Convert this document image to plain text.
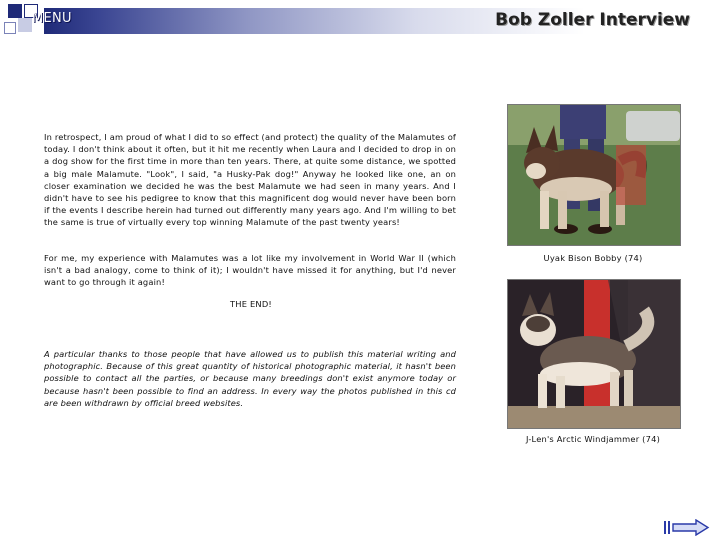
MENU	Bob Zoller Interview

In retrospect, I am proud of what I did to so effect (and protect) the quality of the Malamutes of today. I don't think about it often, but it hit me recently when Laura and I decided to drop in on a dog show for the first time in more than ten years. There, at quite some distance, we spotted a big male Malamute. "Look", I said, "a Husky-Pak dog!" Anyway he looked like one, an on closer examination we decided he was the best Malamute we had seen in many years. And I didn't have to see his pedigree to know that this magnificent dog would never have been born if the events I describe herein had turned out differently many years ago. And I'm willing to bet the same is true of virtually every top winning Malamute of the past twenty years!

For me, my experience with Malamutes was a lot like my involvement in World War II (which isn't a bad analogy, come to think of it); I wouldn't have missed it for anything, but I'd never want to go through it again!

THE END!

A particular thanks to those people that have allowed us to publish this material writing and photographic. Because of this great quantity of historical photographic material, it hasn't been possible to contact all the parties, or because many breedings don't exist anymore today or because hasn't been possible to find an address. In every way the photos published in this cd are been withdrawn by official breed websites.

Uyak Bison Bobby (74)
J-Len's Arctic Windjammer (74)
